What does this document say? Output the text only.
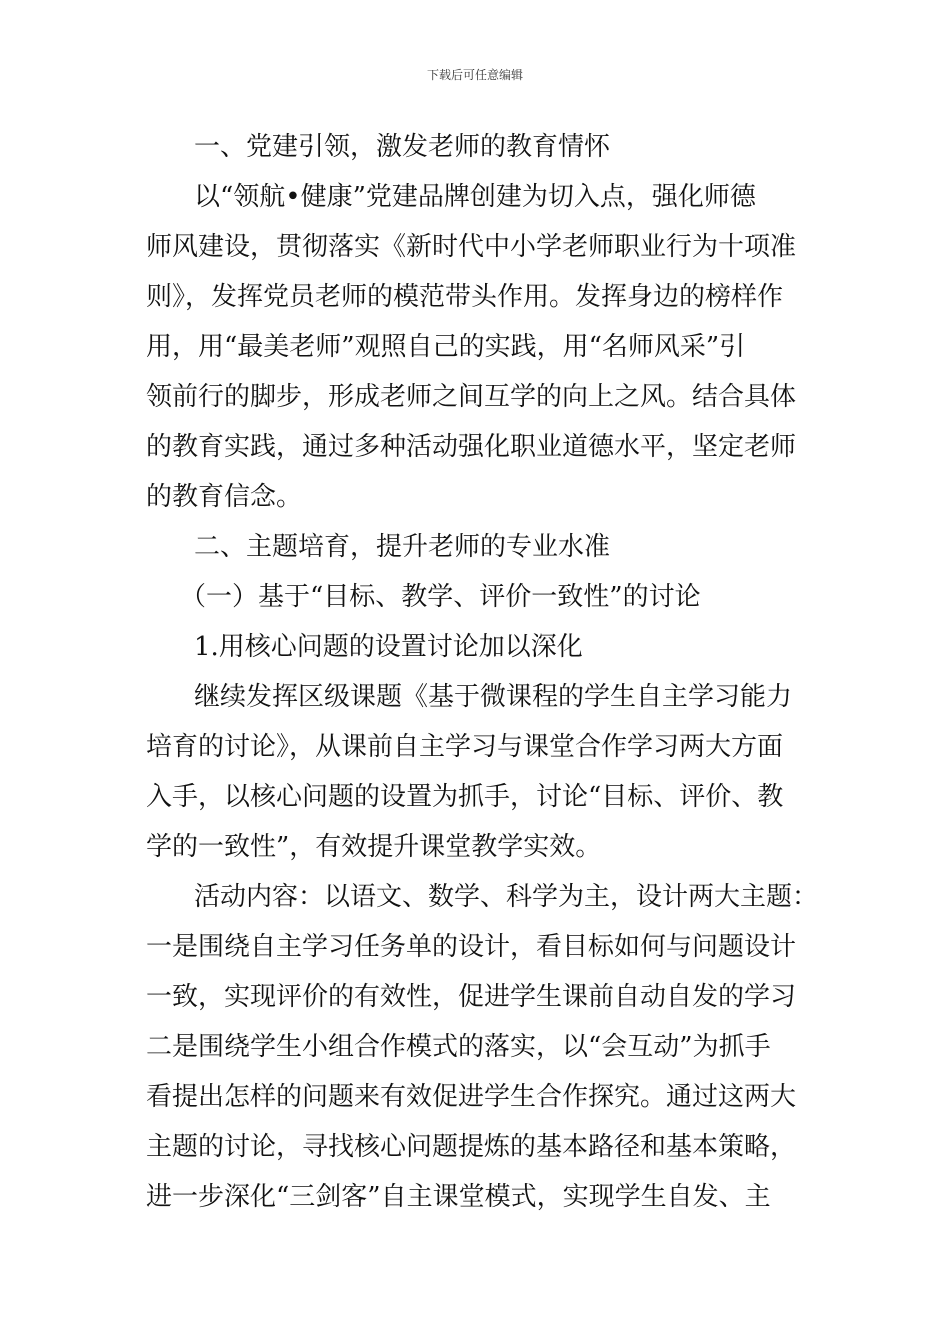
下载后可任意编辑

一、党建引领，激发老师的教育情怀

以“领航•健康”党建品牌创建为切入点，强化师德

师风建设，贯彻落实《新时代中小学老师职业行为十项准

则》，发挥党员老师的模范带头作用。发挥身边的榜样作

用，用“最美老师”观照自己的实践，用“名师风采”引

领前行的脚步，形成老师之间互学的向上之风。结合具体

的教育实践，通过多种活动强化职业道德水平，坚定老师

的教育信念。

二、主题培育，提升老师的专业水准

（一）基于“目标、教学、评价一致性”的讨论

1.用核心问题的设置讨论加以深化

继续发挥区级课题《基于微课程的学生自主学习能力

培育的讨论》，从课前自主学习与课堂合作学习两大方面

入手，以核心问题的设置为抓手，讨论“目标、评价、教

学的一致性”，有效提升课堂教学实效。

活动内容：以语文、数学、科学为主，设计两大主题：

一是围绕自主学习任务单的设计，看目标如何与问题设计

一致，实现评价的有效性，促进学生课前自动自发的学习

二是围绕学生小组合作模式的落实，以“会互动”为抓手

看提出怎样的问题来有效促进学生合作探究。通过这两大

主题的讨论，寻找核心问题提炼的基本路径和基本策略，

进一步深化“三剑客”自主课堂模式，实现学生自发、主
